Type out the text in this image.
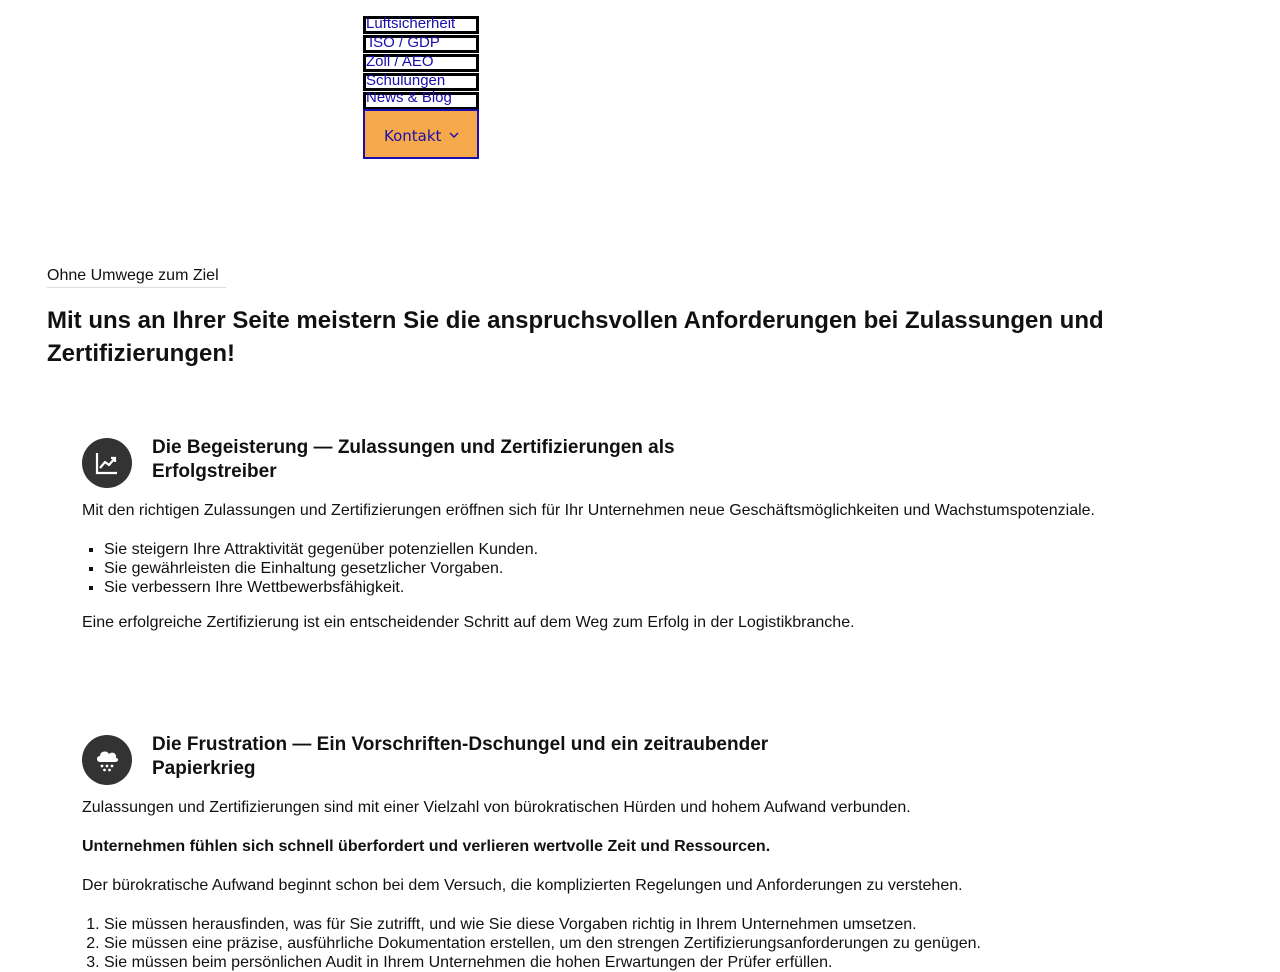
Luftsicherheit
ISO / GDP
Zoll / AEO
Schulungen
News & Blog
Kontakt
Ohne Umwege zum Ziel
Mit uns an Ihrer Seite meistern Sie die anspruchsvollen Anforderungen bei Zulassungen und Zertifizierungen!
Die Begeisterung — Zulassungen und Zertifizierungen als Erfolgstreiber

Mit den richtigen Zulassungen und Zertifizierungen eröffnen sich für Ihr Unternehmen neue Geschäftsmöglichkeiten und Wachstumspotenziale.

▪ Sie steigern Ihre Attraktivität gegenüber potenziellen Kunden.
▪ Sie gewährleisten die Einhaltung gesetzlicher Vorgaben.
▪ Sie verbessern Ihre Wettbewerbsfähigkeit.

Eine erfolgreiche Zertifizierung ist ein entscheidender Schritt auf dem Weg zum Erfolg in der Logistikbranche.

Die Frustration — Ein Vorschriften-Dschungel und ein zeitraubender Papierkrieg

Zulassungen und Zertifizierungen sind mit einer Vielzahl von bürokratischen Hürden und hohem Aufwand verbunden.

Unternehmen fühlen sich schnell überfordert und verlieren wertvolle Zeit und Ressourcen.

Der bürokratische Aufwand beginnt schon bei dem Versuch, die komplizierten Regelungen und Anforderungen zu verstehen.

1. Sie müssen herausfinden, was für Sie zutrifft, und wie Sie diese Vorgaben richtig in Ihrem Unternehmen umsetzen.
2. Sie müssen eine präzise, ausführliche Dokumentation erstellen, um den strengen Zertifizierungsanforderungen zu genügen.
3. Sie müssen beim persönlichen Audit in Ihrem Unternehmen die hohen Erwartungen der Prüfer erfüllen.
